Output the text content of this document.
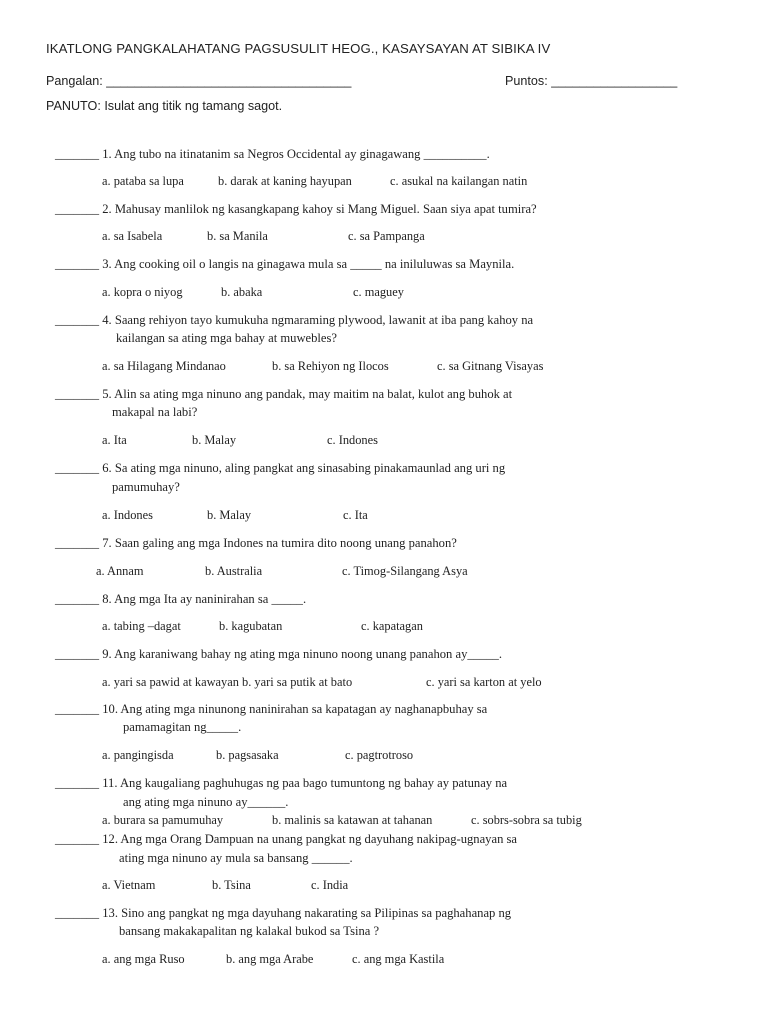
IKATLONG PANGKALAHATANG PAGSUSULIT HEOG., KASAYSAYAN AT SIBIKA IV
Pangalan: ___________________________________	Puntos: __________________
PANUTO: Isulat ang titik ng tamang sagot.
_______ 1. Ang tubo na itinatanim sa Negros Occidental ay ginagawang __________.
a. pataba sa lupa	b. darak at kaning hayupan	c. asukal na kailangan natin
_______ 2. Mahusay manlilok ng kasangkapang kahoy si Mang Miguel. Saan siya apat tumira?
a. sa Isabela	b. sa Manila	c. sa Pampanga
_______ 3. Ang cooking oil o langis na ginagawa mula sa _____ na iniluluwas sa Maynila.
a. kopra o niyog	b. abaka	c. maguey
_______ 4. Saang rehiyon tayo kumukuha ngmaraming plywood, lawanit at iba pang kahoy na
kailangan sa ating mga bahay at muwebles?
a. sa Hilagang Mindanao	b. sa Rehiyon ng Ilocos	c. sa Gitnang Visayas
_______ 5. Alin sa ating mga ninuno ang pandak, may maitim na balat, kulot ang buhok at
makapal na labi?
a. Ita	b. Malay	c. Indones
_______ 6. Sa ating mga ninuno, aling pangkat ang sinasabing pinakamaunlad ang uri ng
pamumuhay?
a. Indones	b. Malay	c. Ita
_______ 7. Saan galing ang mga Indones na tumira dito noong unang panahon?
a. Annam	b. Australia	c. Timog-Silangang Asya
_______ 8. Ang mga Ita ay naninirahan sa _____.
a. tabing –dagat	b. kagubatan	c. kapatagan
_______ 9. Ang karaniwang bahay ng ating mga ninuno noong unang panahon ay_____.
a. yari sa pawid at kawayan b. yari sa putik at bato	c. yari sa karton at yelo
_______ 10. Ang ating mga ninunong naninirahan sa kapatagan ay naghanapbuhay sa
pamamagitan ng_____.
a. pangingisda	b. pagsasaka	c. pagtrotroso
_______ 11. Ang kaugaliang paghuhugas ng paa bago tumuntong ng bahay ay patunay na
ang ating mga ninuno ay______.
a. burara sa pamumuhay	b. malinis sa katawan at tahanan	c. sobrs-sobra sa tubig
_______ 12. Ang mga Orang Dampuan na unang pangkat ng dayuhang nakipag-ugnayan sa
ating mga ninuno ay mula sa bansang ______.
a. Vietnam	b. Tsina	c. India
_______ 13. Sino ang pangkat ng mga dayuhang nakarating sa Pilipinas sa paghahanap ng
bansang makakapalitan ng kalakal bukod sa Tsina ?
a. ang mga Ruso	b. ang mga Arabe	c. ang mga Kastila
